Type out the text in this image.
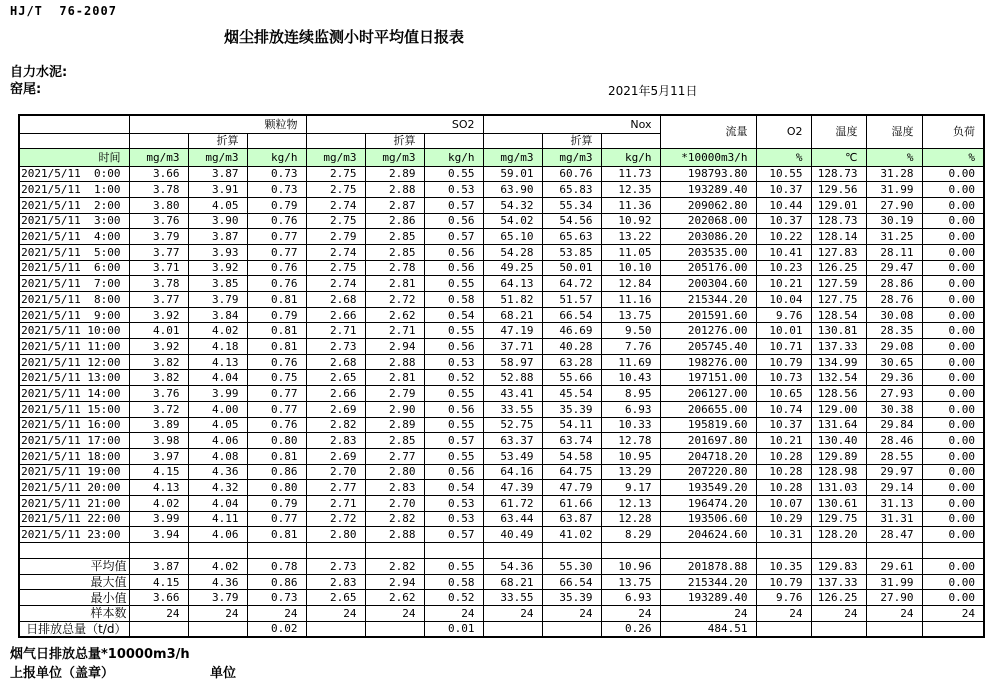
HJ/T  76-2007
烟尘排放连续监测小时平均值日报表
自力水泥:
窑尾:	2021年5月11日
	颗粒物			SO2			Nox			流量	O2	温度	湿度	负荷
		折算			折算			折算						
时间	mg/m3	mg/m3	kg/h	mg/m3	mg/m3	kg/h	mg/m3	mg/m3	kg/h	*10000m3/h	%	℃	%	%
2021/5/11  0:00	3.66	3.87	0.73	2.75	2.89	0.55	59.01	60.76	11.73	198793.80	10.55	128.73	31.28	0.00
2021/5/11  1:00	3.78	3.91	0.73	2.75	2.88	0.53	63.90	65.83	12.35	193289.40	10.37	129.56	31.99	0.00
2021/5/11  2:00	3.80	4.05	0.79	2.74	2.87	0.57	54.32	55.34	11.36	209062.80	10.44	129.01	27.90	0.00
2021/5/11  3:00	3.76	3.90	0.76	2.75	2.86	0.56	54.02	54.56	10.92	202068.00	10.37	128.73	30.19	0.00
2021/5/11  4:00	3.79	3.87	0.77	2.79	2.85	0.57	65.10	65.63	13.22	203086.20	10.22	128.14	31.25	0.00
2021/5/11  5:00	3.77	3.93	0.77	2.74	2.85	0.56	54.28	53.85	11.05	203535.00	10.41	127.83	28.11	0.00
2021/5/11  6:00	3.71	3.92	0.76	2.75	2.78	0.56	49.25	50.01	10.10	205176.00	10.23	126.25	29.47	0.00
2021/5/11  7:00	3.78	3.85	0.76	2.74	2.81	0.55	64.13	64.72	12.84	200304.60	10.21	127.59	28.86	0.00
2021/5/11  8:00	3.77	3.79	0.81	2.68	2.72	0.58	51.82	51.57	11.16	215344.20	10.04	127.75	28.76	0.00
2021/5/11  9:00	3.92	3.84	0.79	2.66	2.62	0.54	68.21	66.54	13.75	201591.60	9.76	128.54	30.08	0.00
2021/5/11 10:00	4.01	4.02	0.81	2.71	2.71	0.55	47.19	46.69	9.50	201276.00	10.01	130.81	28.35	0.00
2021/5/11 11:00	3.92	4.18	0.81	2.73	2.94	0.56	37.71	40.28	7.76	205745.40	10.71	137.33	29.08	0.00
2021/5/11 12:00	3.82	4.13	0.76	2.68	2.88	0.53	58.97	63.28	11.69	198276.00	10.79	134.99	30.65	0.00
2021/5/11 13:00	3.82	4.04	0.75	2.65	2.81	0.52	52.88	55.66	10.43	197151.00	10.73	132.54	29.36	0.00
2021/5/11 14:00	3.76	3.99	0.77	2.66	2.79	0.55	43.41	45.54	8.95	206127.00	10.65	128.56	27.93	0.00
2021/5/11 15:00	3.72	4.00	0.77	2.69	2.90	0.56	33.55	35.39	6.93	206655.00	10.74	129.00	30.38	0.00
2021/5/11 16:00	3.89	4.05	0.76	2.82	2.89	0.55	52.75	54.11	10.33	195819.60	10.37	131.64	29.84	0.00
2021/5/11 17:00	3.98	4.06	0.80	2.83	2.85	0.57	63.37	63.74	12.78	201697.80	10.21	130.40	28.46	0.00
2021/5/11 18:00	3.97	4.08	0.81	2.69	2.77	0.55	53.49	54.58	10.95	204718.20	10.28	129.89	28.55	0.00
2021/5/11 19:00	4.15	4.36	0.86	2.70	2.80	0.56	64.16	64.75	13.29	207220.80	10.28	128.98	29.97	0.00
2021/5/11 20:00	4.13	4.32	0.80	2.77	2.83	0.54	47.39	47.79	9.17	193549.20	10.28	131.03	29.14	0.00
2021/5/11 21:00	4.02	4.04	0.79	2.71	2.70	0.53	61.72	61.66	12.13	196474.20	10.07	130.61	31.13	0.00
2021/5/11 22:00	3.99	4.11	0.77	2.72	2.82	0.53	63.44	63.87	12.28	193506.60	10.29	129.75	31.31	0.00
2021/5/11 23:00	3.94	4.06	0.81	2.80	2.88	0.57	40.49	41.02	8.29	204624.60	10.31	128.20	28.47	0.00

平均值	3.87	4.02	0.78	2.73	2.82	0.55	54.36	55.30	10.96	201878.88	10.35	129.83	29.61	0.00
最大值	4.15	4.36	0.86	2.83	2.94	0.58	68.21	66.54	13.75	215344.20	10.79	137.33	31.99	0.00
最小值	3.66	3.79	0.73	2.65	2.62	0.52	33.55	35.39	6.93	193289.40	9.76	126.25	27.90	0.00
样本数	24	24	24	24	24	24	24	24	24	24	24	24	24	24
日排放总量（t/d）			0.02			0.01			0.26	484.51				
烟气日排放总量*10000m3/h
上报单位（盖章）	单位
